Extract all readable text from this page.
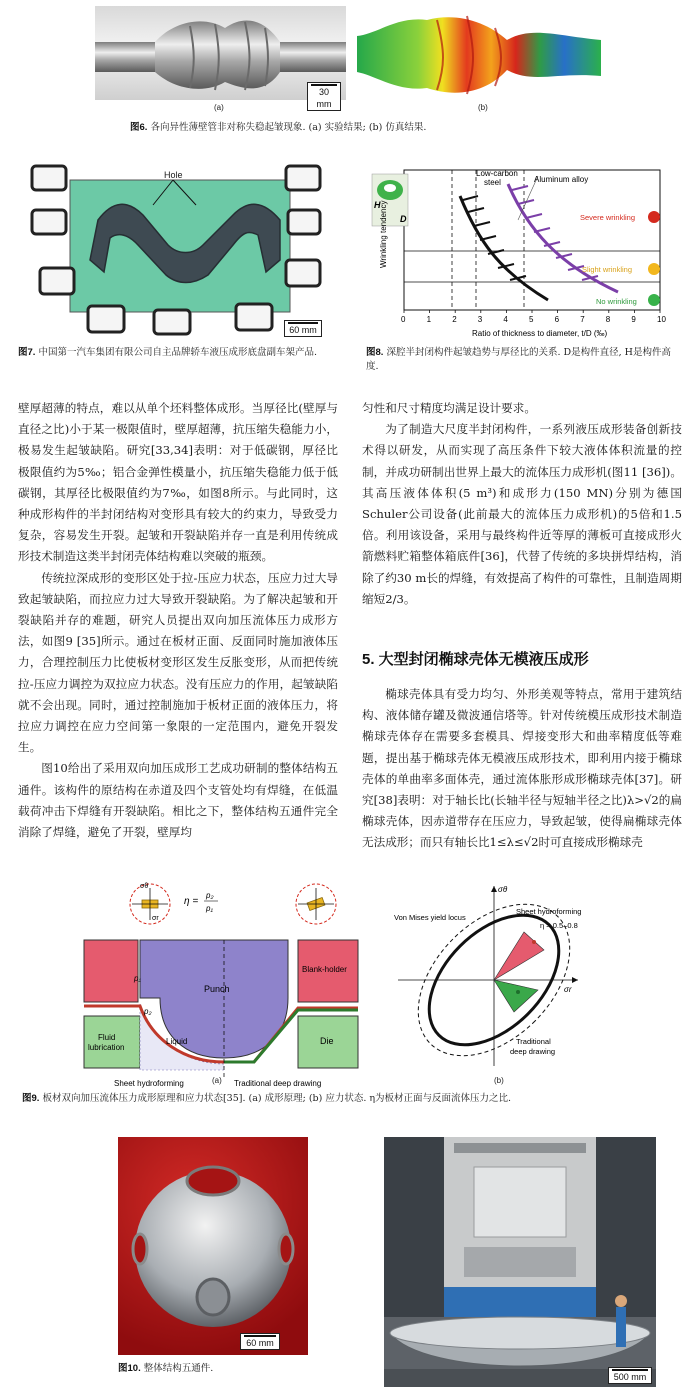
30 mm
(a)	(b)
图6. 各向异性薄壁管非对称失稳起皱现象. (a) 实验结果; (b) 仿真结果.
Hole
60 mm
图7. 中国第一汽车集团有限公司自主品牌轿车液压成形底盘副车架产品.
D
H
Low-carbon
steel	Aluminum alloy
Severe wrinkling
Slight wrinkling
No wrinkling
Wrinkling tendency
0	1	2	3	4	5	6	7	8	9	10
Ratio of thickness to diameter, t/D (‰)
图8. 深腔半封闭构件起皱趋势与厚径比的关系. D是构件直径, H是构件高度.

壁厚超薄的特点，难以从单个坯料整体成形。当厚径比(壁厚与直径之比)小于某一极限值时，壁厚超薄，抗压缩失稳能力小，极易发生起皱缺陷。研究[33,34]表明：对于低碳钢，厚径比极限值约为5‰；铝合金弹性模量小，抗压缩失稳能力低于低碳钢，其厚径比极限值约为7‰，如图8所示。与此同时，这种成形构件的半封闭结构对变形具有较大的约束力，导致受力复杂，容易发生开裂。起皱和开裂缺陷并存一直是利用传统成形技术制造这类半封闭壳体结构难以突破的瓶颈。

传统拉深成形的变形区处于拉-压应力状态，压应力过大导致起皱缺陷，而拉应力过大导致开裂缺陷。为了解决起皱和开裂缺陷并存的难题，研究人员提出双向加压流体压力成形方法，如图9 [35]所示。通过在板材正面、反面同时施加液体压力，合理控制压力比使板材变形区发生反胀变形，从而把传统拉-压应力调控为双拉应力状态。没有压应力的作用，起皱缺陷就不会出现。同时，通过控制施加于板材正面的液体压力，将拉应力调控在应力空间第一象限的一定范围内，避免开裂发生。

图10给出了采用双向加压成形工艺成功研制的整体结构五通件。该构件的原结构在赤道及四个支管处均有焊缝，在低温载荷冲击下焊缝有开裂缺陷。相比之下，整体结构五通件完全消除了焊缝，避免了开裂，壁厚均

匀性和尺寸精度均满足设计要求。

为了制造大尺度半封闭构件，一系列液压成形装备创新技术得以研发，从而实现了高压条件下较大液体体积流量的控制，并成功研制出世界上最大的流体压力成形机(图11 [36])。其高压液体体积(5 m³)和成形力(150 MN)分别为德国Schuler公司设备(此前最大的流体压力成形机)的5倍和1.5倍。利用该设备，采用与最终构件近等厚的薄板可直接成形火箭燃料贮箱整体箱底件[36]，代替了传统的多块拼焊结构，消除了约30 m长的焊缝，有效提高了构件的可靠性，且制造周期缩短2/3。

5. 大型封闭椭球壳体无模液压成形

椭球壳体具有受力均匀、外形美观等特点，常用于建筑结构、液体储存罐及微波通信塔等。针对传统模压成形技术制造椭球壳体存在需要多套模具、焊接变形大和曲率精度低等难题，提出基于椭球壳体无模液压成形技术，即利用内接于椭球壳体的单曲率多面体壳，通过流体胀形成形椭球壳体[37]。研究[38]表明：对于轴长比(长轴半径与短轴半径之比)λ>√2的扁椭球壳体，因赤道带存在压应力，导致起皱，使得扁椭球壳体无法成形；而只有轴长比1≤λ≤√2时可直接成形椭球壳

σθ
σr
η =
p₂
p₁
p₁
p₂
Punch
Blank-holder
Fluid
lubrication
Liquid	Die
Sheet hydroforming	Traditional deep drawing
(a)
σθ
σr
Sheet hydroforming
η = 0.5–0.8
Von Mises yield locus
Traditional
deep drawing
(b)
图9. 板材双向加压流体压力成形原理和应力状态[35]. (a) 成形原理; (b) 应力状态. η为板材正面与反面流体压力之比.
60 mm
图10. 整体结构五通件.
500 mm
